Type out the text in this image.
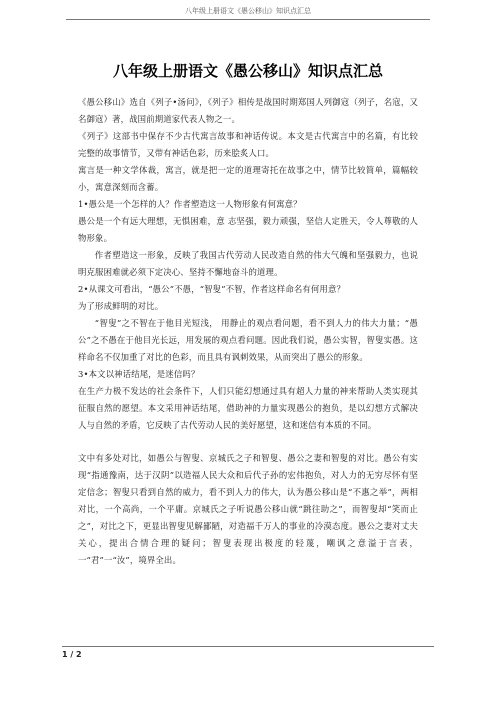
八年级上册语文《愚公移山》知识点汇总
八年级上册语文《愚公移山》知识点汇总

《愚公移山》选自《列子•汤问》，《列子》相传是战国时期郑国人列御寇（列子，名寇，又名御寇）著，战国前期道家代表人物之一。

《列子》这部书中保存不少古代寓言故事和神话传说。本文是古代寓言中的名篇，有比较完整的故事情节，又带有神话色彩，历来脍炙人口。

寓言是一种文学体裁，寓言，就是把一定的道理寄托在故事之中，情节比较简单，篇幅较小，寓意深刻而含蓄。

1•愚公是一个怎样的人？作者塑造这一人物形象有何寓意？

愚公是一个有远大理想，无惧困难，意 志坚强，毅力顽强，坚信人定胜天，令人尊敬的人物形象。

作者塑造这一形象，反映了我国古代劳动人民改造自然的伟大气魄和坚强毅力，也说明克服困难就必须下定决心、坚持不懈地奋斗的道理。

2•从课文可看出，“愚公”不愚，“智叟”不智，作者这样命名有何用意？

为了形成鲜明的对比。

“智叟”之不智在于他目光短浅， 用静止的观点看问题，看不到人力的伟大力量；“愚公”之不愚在于他目光长远，用发展的观点看问题。因此我们说，愚公实智，智叟实愚。这样命名不仅加重了对比的色彩，而且具有讽刺效果，从而突出了愚公的形象。

3•本文以神话结尾，是迷信吗？

在生产力极不发达的社会条件下，人们只能幻想通过具有超人力量的神来帮助人类实现其征服自然的愿望。本文采用神话结尾，借助神的力量实现愚公的抱负，是以幻想方式解决人与自然的矛盾，它反映了古代劳动人民的美好愿望，这和迷信有本质的不同。

文中有多处对比，如愚公与智叟、京城氏之子和智叟、愚公之妻和智叟的对比。愚公有实现“指通豫南，达于汉阴”以造福人民大众和后代子孙的宏伟抱负，对人力的无穷尽怀有坚定信念；智叟只看到自然的威力，看不到人力的伟大，认为愚公移山是“不惠之举”，两相对比，一个高尚，一个平庸。京城氏之子听说愚公移山就“跳往助之”，而智叟却“笑而止之”，对比之下，更显出智叟见解鄙陋，对造福千万人的事业的冷漠态度。愚公之妻对丈夫关心，提出合情合理的疑问；智叟表现出极度的轻蔑，嘲讽之意溢于言表，一“君”一“汝”，境界全出。

1 / 2
